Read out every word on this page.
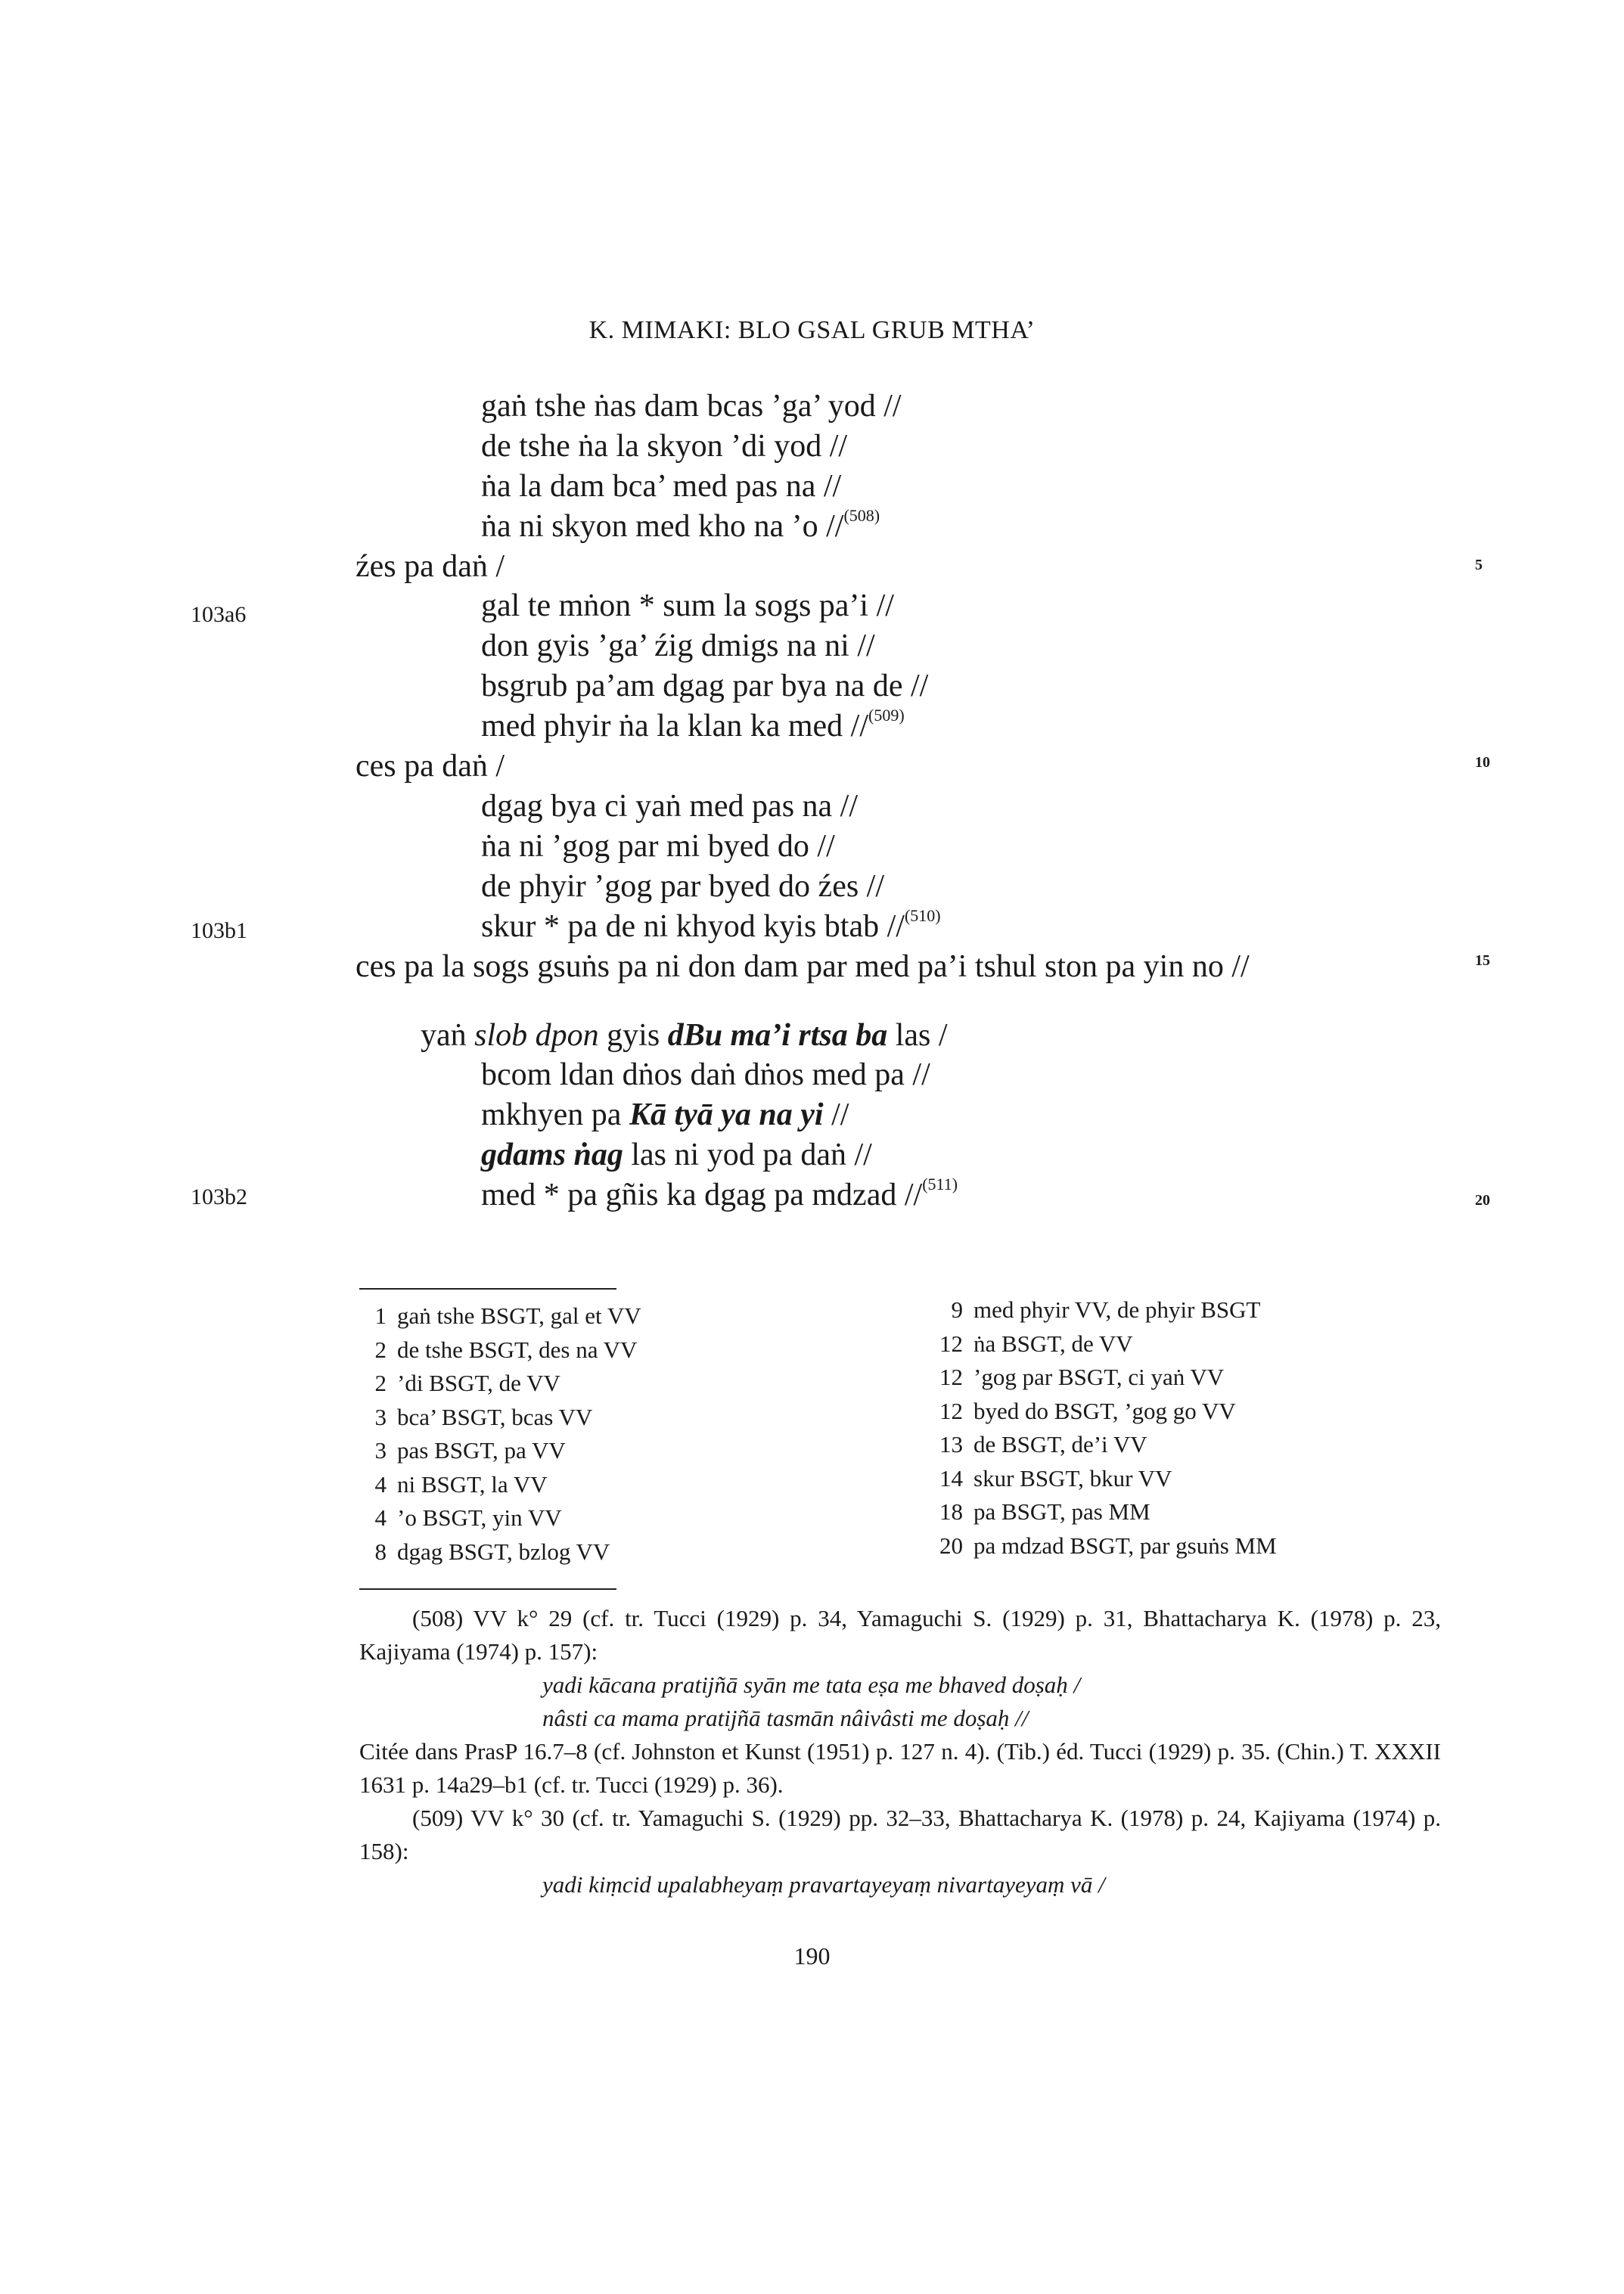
K. MIMAKI: BLO GSAL GRUB MTHA’
gaṅ tshe ṅas dam bcas ’ga’ yod //
de tshe ṅa la skyon ’di yod //
ṅa la dam bca’ med pas na //
ṅa ni skyon med kho na ’o //$^{(508)}$
źes pa daṅ /
gal te mṅon * sum la sogs pa’i //
don gyis ’ga’ źig dmigs na ni //
bsgrub pa’am dgag par bya na de //
med phyir ṅa la klan ka med //$^{(509)}$
ces pa daṅ /
dgag bya ci yaṅ med pas na //
ṅa ni ’gog par mi byed do //
de phyir ’gog par byed do źes //
skur * pa de ni khyod kyis btab //$^{(510)}$
ces pa la sogs gsuṅs pa ni don dam par med pa’i tshul ston pa yin no //
yaṅ slob dpon gyis dBu ma’i rtsa ba las /
bcom ldan dṅos daṅ dṅos med pa //
mkhyen pa Kā tyā ya na yi //
gdams ṅag las ni yod pa daṅ //
med * pa gñis ka dgag pa mdzad //$^{(511)}$
103a6
103b1
103b2
5
10
15
20
1 gaṅ tshe BSGT, gal et VV
2 de tshe BSGT, des na VV
2 ’di BSGT, de VV
3 bca’ BSGT, bcas VV
3 pas BSGT, pa VV
4 ni BSGT, la VV
4 ’o BSGT, yin VV
8 dgag BSGT, bzlog VV
9 med phyir VV, de phyir BSGT
12 ṅa BSGT, de VV
12 ’gog par BSGT, ci yaṅ VV
12 byed do BSGT, ’gog go VV
13 de BSGT, de’i VV
14 skur BSGT, bkur VV
18 pa BSGT, pas MM
20 pa mdzad BSGT, par gsuṅs MM

(508) VV k° 29 (cf. tr. Tucci (1929) p. 34, Yamaguchi S. (1929) p. 31, Bhattacharya K. (1978) p. 23, Kajiyama (1974) p. 157):

yadi kācana pratijñā syān me tata eṣa me bhaved doṣaḥ /

nâsti ca mama pratijñā tasmān nâivâsti me doṣaḥ //

Citée dans PrasP 16.7–8 (cf. Johnston et Kunst (1951) p. 127 n. 4). (Tib.) éd. Tucci (1929) p. 35. (Chin.) T. XXXII 1631 p. 14a29–b1 (cf. tr. Tucci (1929) p. 36).

(509) VV k° 30 (cf. tr. Yamaguchi S. (1929) pp. 32–33, Bhattacharya K. (1978) p. 24, Kajiyama (1974) p. 158):

yadi kiṃcid upalabheyaṃ pravartayeyaṃ nivartayeyaṃ vā /

190
